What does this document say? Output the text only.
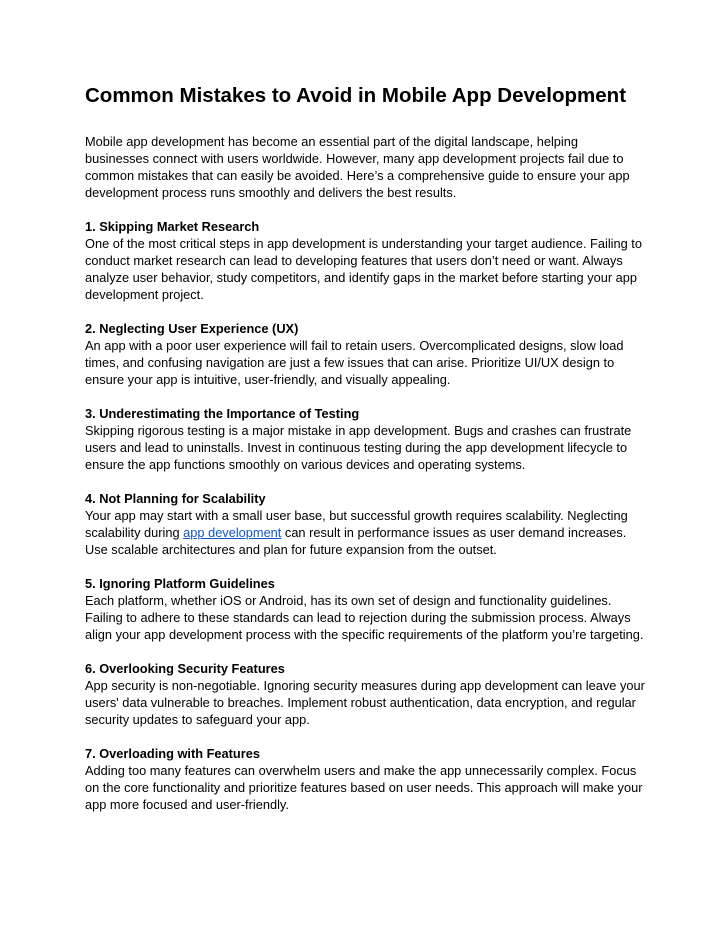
Common Mistakes to Avoid in Mobile App Development

Mobile app development has become an essential part of the digital landscape, helping businesses connect with users worldwide. However, many app development projects fail due to common mistakes that can easily be avoided. Here’s a comprehensive guide to ensure your app development process runs smoothly and delivers the best results.

1. Skipping Market Research

One of the most critical steps in app development is understanding your target audience. Failing to conduct market research can lead to developing features that users don’t need or want. Always analyze user behavior, study competitors, and identify gaps in the market before starting your app development project.

2. Neglecting User Experience (UX)

An app with a poor user experience will fail to retain users. Overcomplicated designs, slow load times, and confusing navigation are just a few issues that can arise. Prioritize UI/UX design to ensure your app is intuitive, user-friendly, and visually appealing.

3. Underestimating the Importance of Testing

Skipping rigorous testing is a major mistake in app development. Bugs and crashes can frustrate users and lead to uninstalls. Invest in continuous testing during the app development lifecycle to ensure the app functions smoothly on various devices and operating systems.

4. Not Planning for Scalability

Your app may start with a small user base, but successful growth requires scalability. Neglecting scalability during app development can result in performance issues as user demand increases. Use scalable architectures and plan for future expansion from the outset.

5. Ignoring Platform Guidelines

Each platform, whether iOS or Android, has its own set of design and functionality guidelines. Failing to adhere to these standards can lead to rejection during the submission process. Always align your app development process with the specific requirements of the platform you’re targeting.

6. Overlooking Security Features

App security is non-negotiable. Ignoring security measures during app development can leave your users' data vulnerable to breaches. Implement robust authentication, data encryption, and regular security updates to safeguard your app.

7. Overloading with Features

Adding too many features can overwhelm users and make the app unnecessarily complex. Focus on the core functionality and prioritize features based on user needs. This approach will make your app more focused and user-friendly.
